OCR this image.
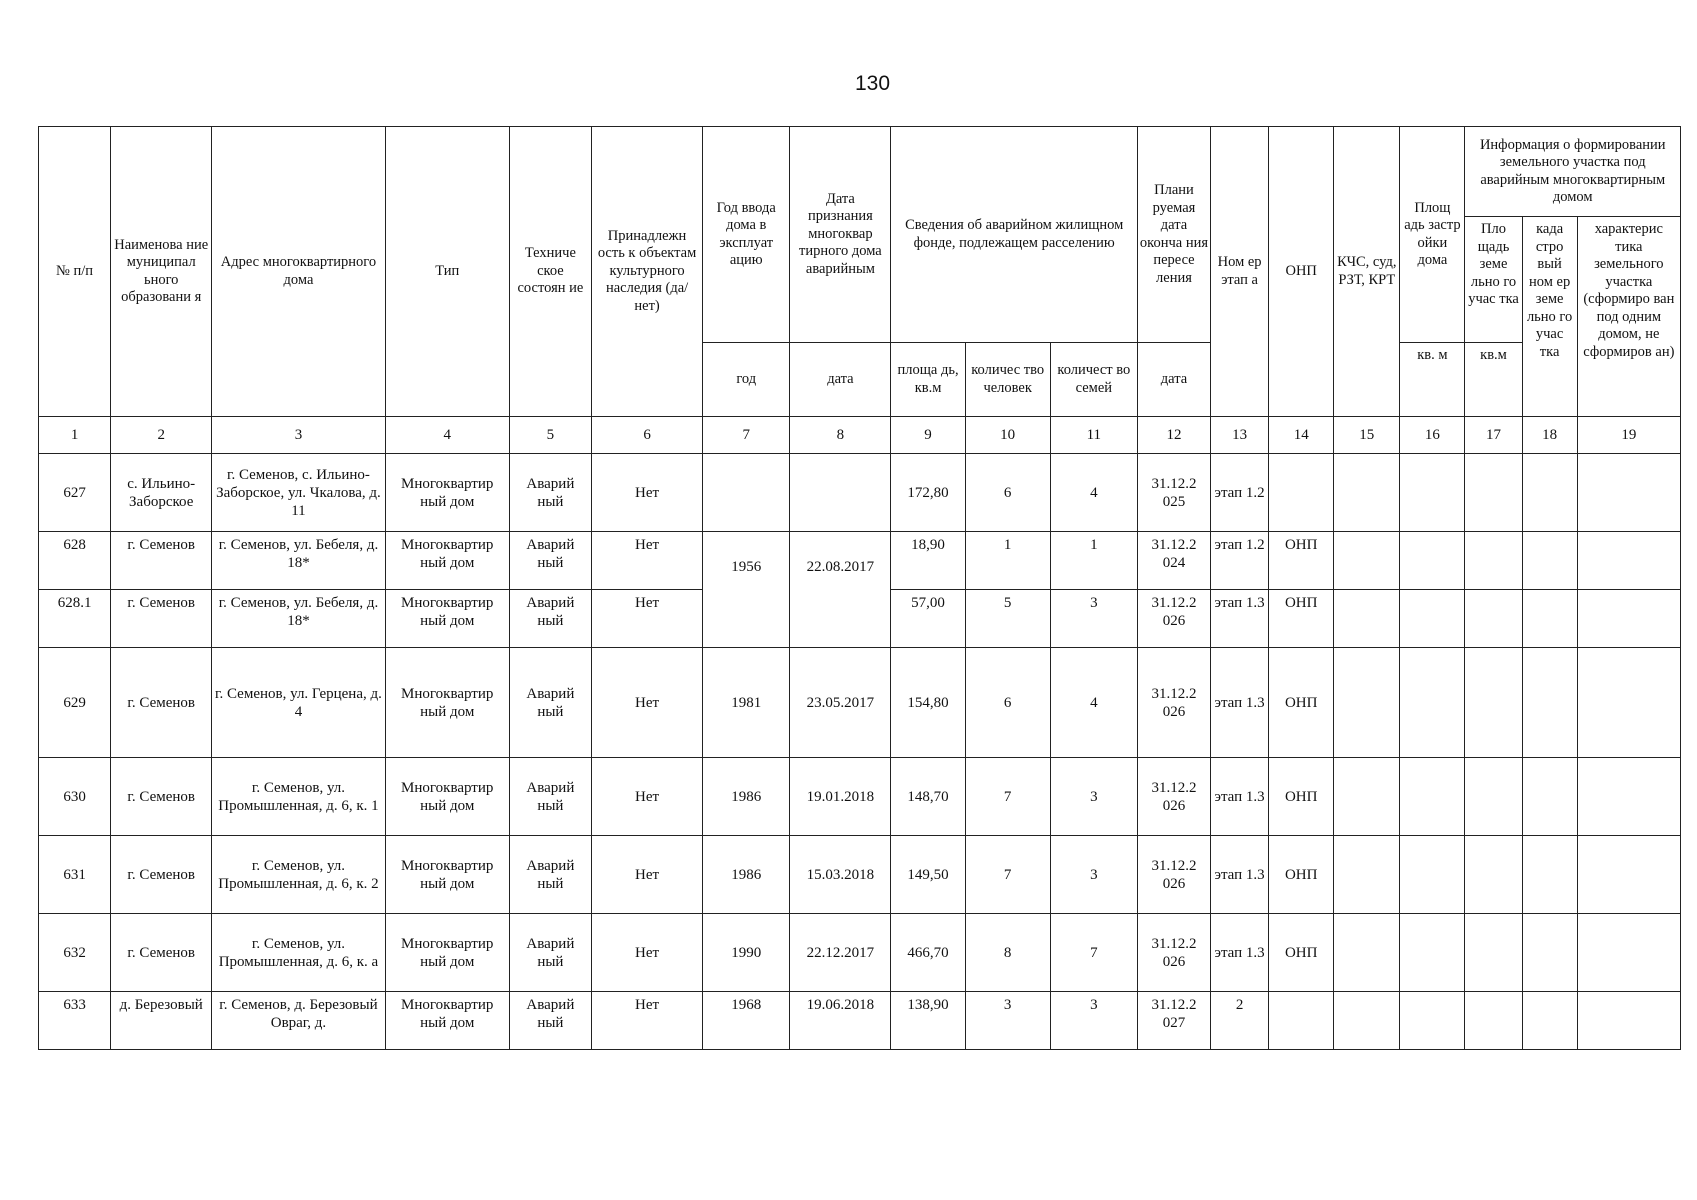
130
№ п/п	Наименова ние муниципал ьного образовани я	Адрес многоквартирного дома	Тип	Техниче ское состоян ие	Принадлежн ость к объектам культурного наследия (да/нет)	Год ввода дома в эксплуат ацию	Дата признания многоквар тирного дома аварийным	Сведения об аварийном жилищном фонде, подлежащем расселению			Плани руемая дата оконча ния пересе ления	Ном ер этап а	ОНП	КЧС, суд, РЗТ, КРТ	Площ адь застр ойки дома	Информация о формировании земельного участка под аварийным многоквартирным домом		
																Пло щадь земе льно го учас тка	када стро вый ном ер земе льно го учас тка	характерис тика земельного участка (сформиро ван под одним домом, не сформиров ан)
						год	дата	площа дь, кв.м	количес тво человек	количест во семей	дата				кв. м	кв.м		
1	2	3	4	5	6	7	8	9	10	11	12	13	14	15	16	17	18	19
627	с. Ильино-Заборское	г. Семенов, с. Ильино-Заборское, ул. Чкалова, д. 11	Многоквартир ный дом	Аварий ный	Нет			172,80	6	4	31.12.2 025	этап 1.2						
628	г. Семенов	г. Семенов, ул. Бебеля, д. 18*	Многоквартир ный дом	Аварий ный	Нет	1956	22.08.2017	18,90	1	1	31.12.2 024	этап 1.2	ОНП					
628.1	г. Семенов	г. Семенов, ул. Бебеля, д. 18*	Многоквартир ный дом	Аварий ный	Нет			57,00	5	3	31.12.2 026	этап 1.3	ОНП					
629	г. Семенов	г. Семенов, ул. Герцена, д. 4	Многоквартир ный дом	Аварий ный	Нет	1981	23.05.2017	154,80	6	4	31.12.2 026	этап 1.3	ОНП					
630	г. Семенов	г. Семенов, ул. Промышленная, д. 6, к. 1	Многоквартир ный дом	Аварий ный	Нет	1986	19.01.2018	148,70	7	3	31.12.2 026	этап 1.3	ОНП					
631	г. Семенов	г. Семенов, ул. Промышленная, д. 6, к. 2	Многоквартир ный дом	Аварий ный	Нет	1986	15.03.2018	149,50	7	3	31.12.2 026	этап 1.3	ОНП					
632	г. Семенов	г. Семенов, ул. Промышленная, д. 6, к. а	Многоквартир ный дом	Аварий ный	Нет	1990	22.12.2017	466,70	8	7	31.12.2 026	этап 1.3	ОНП					
633	д. Березовый	г. Семенов, д. Березовый Овраг, д.	Многоквартир ный дом	Аварий ный	Нет	1968	19.06.2018	138,90	3	3	31.12.2 027	2						
